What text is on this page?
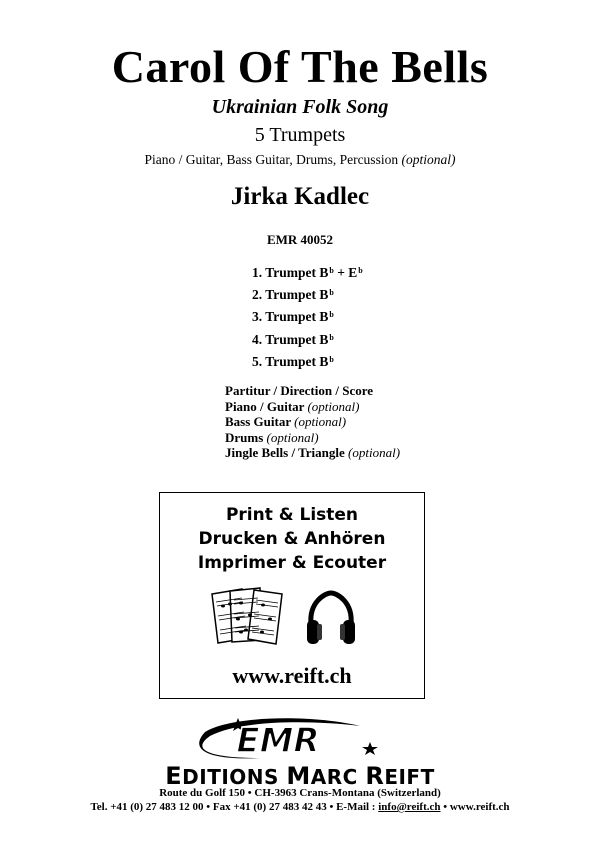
Carol Of The Bells
Ukrainian Folk Song
5 Trumpets
Piano / Guitar, Bass Guitar, Drums, Percussion (optional)
Jirka Kadlec
EMR 40052
1. Trumpet $B^b + E^b$
2. Trumpet $B^b$
3. Trumpet $B^b$
4. Trumpet $B^b$
5. Trumpet $B^b$
Partitur / Direction / Score
Piano / Guitar (optional)
Bass Guitar (optional)
Drums (optional)
Jingle Bells / Triangle (optional)
Print & Listen
Drucken & Anhören
Imprimer & Ecouter
www.reift.ch
EMR
EDITIONS MARC REIFT
Route du Golf 150 • CH-3963 Crans-Montana (Switzerland)
Tel. +41 (0) 27 483 12 00 • Fax +41 (0) 27 483 42 43 • E-Mail : info@reift.ch • www.reift.ch
